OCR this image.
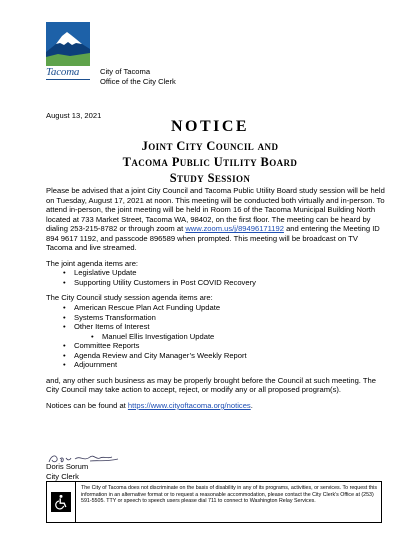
Tacoma	City of Tacoma
Office of the City Clerk
August 13, 2021
NOTICE
Joint City Council and
Tacoma Public Utility Board
Study Session

Please be advised that a joint City Council and Tacoma Public Utility Board study session will be held on Tuesday, August 17, 2021 at noon. This meeting will be conducted both virtually and in-person. To attend in-person, the joint meeting will be held in Room 16 of the Tacoma Municipal Building North located at 733 Market Street, Tacoma WA, 98402, on the first floor. The meeting can be heard by dialing 253-215-8782 or through zoom at www.zoom.us/j/89496171192 and entering the Meeting ID 894 9617 1192, and passcode 896589 when prompted. This meeting will be broadcast on TV Tacoma and live streamed.

The joint agenda items are:

• Legislative Update
• Supporting Utility Customers in Post COVID Recovery

The City Council study session agenda items are:

• American Rescue Plan Act Funding Update
• Systems Transformation
• Other Items of Interest
• Manuel Ellis Investigation Update
• Committee Reports
• Agenda Review and City Manager’s Weekly Report
• Adjournment

and, any other such business as may be properly brought before the Council at such meeting. The City Council may take action to accept, reject, or modify any or all proposed program(s).

Notices can be found at https://www.cityoftacoma.org/notices.

Doris Sorum
City Clerk
The City of Tacoma does not discriminate on the basis of disability in any of its programs, activities, or services. To request this information in an alternative format or to request a reasonable accommodation, please contact the City Clerk’s Office at (253) 591-5505. TTY or speech to speech users please dial 711 to connect to Washington Relay Services.
